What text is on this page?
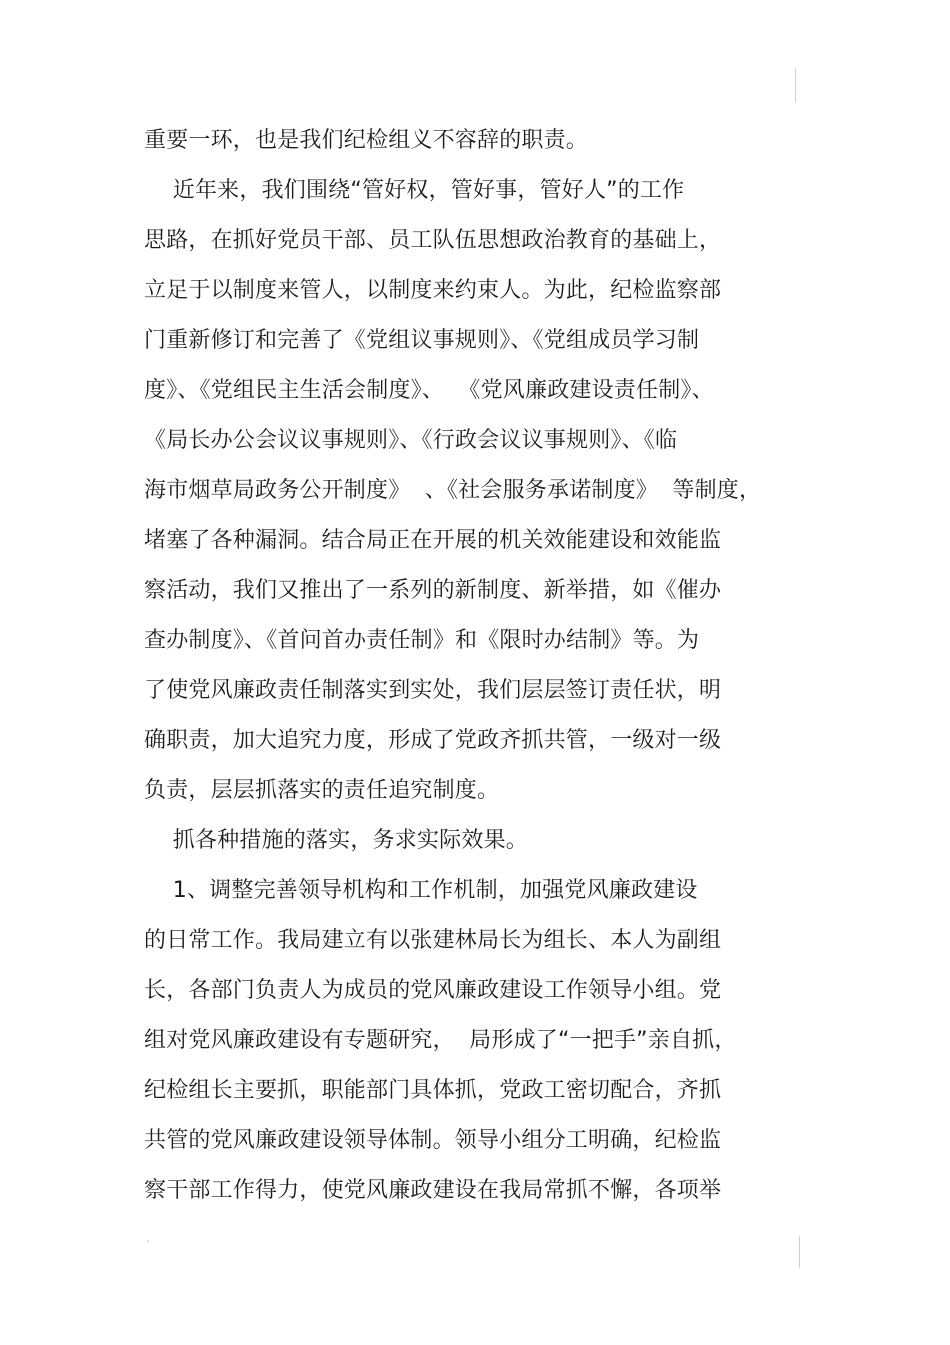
重要一环，也是我们纪检组义不容辞的职责。

近年来，我们围绕“管好权，管好事，管好人”的工作

思路，在抓好党员干部、员工队伍思想政治教育的基础上，

立足于以制度来管人，以制度来约束人。为此，纪检监察部

门重新修订和完善了《党组议事规则》、《党组成员学习制

度》、《党组民主生活会制度》、  《党风廉政建设责任制》、

《局长办公会议议事规则》、《行政会议议事规则》、《临

海市烟草局政务公开制度》  、《社会服务承诺制度》  等制度，

堵塞了各种漏洞。结合局正在开展的机关效能建设和效能监

察活动，我们又推出了一系列的新制度、新举措，如《催办

查办制度》、《首问首办责任制》和《限时办结制》等。为

了使党风廉政责任制落实到实处，我们层层签订责任状，明

确职责，加大追究力度，形成了党政齐抓共管，一级对一级

负责，层层抓落实的责任追究制度。

抓各种措施的落实，务求实际效果。

1、调整完善领导机构和工作机制，加强党风廉政建设

的日常工作。我局建立有以张建林局长为组长、本人为副组

长，各部门负责人为成员的党风廉政建设工作领导小组。党

组对党风廉政建设有专题研究，  局形成了“一把手”亲自抓，

纪检组长主要抓，职能部门具体抓，党政工密切配合，齐抓

共管的党风廉政建设领导体制。领导小组分工明确，纪检监

察干部工作得力，使党风廉政建设在我局常抓不懈，各项举
